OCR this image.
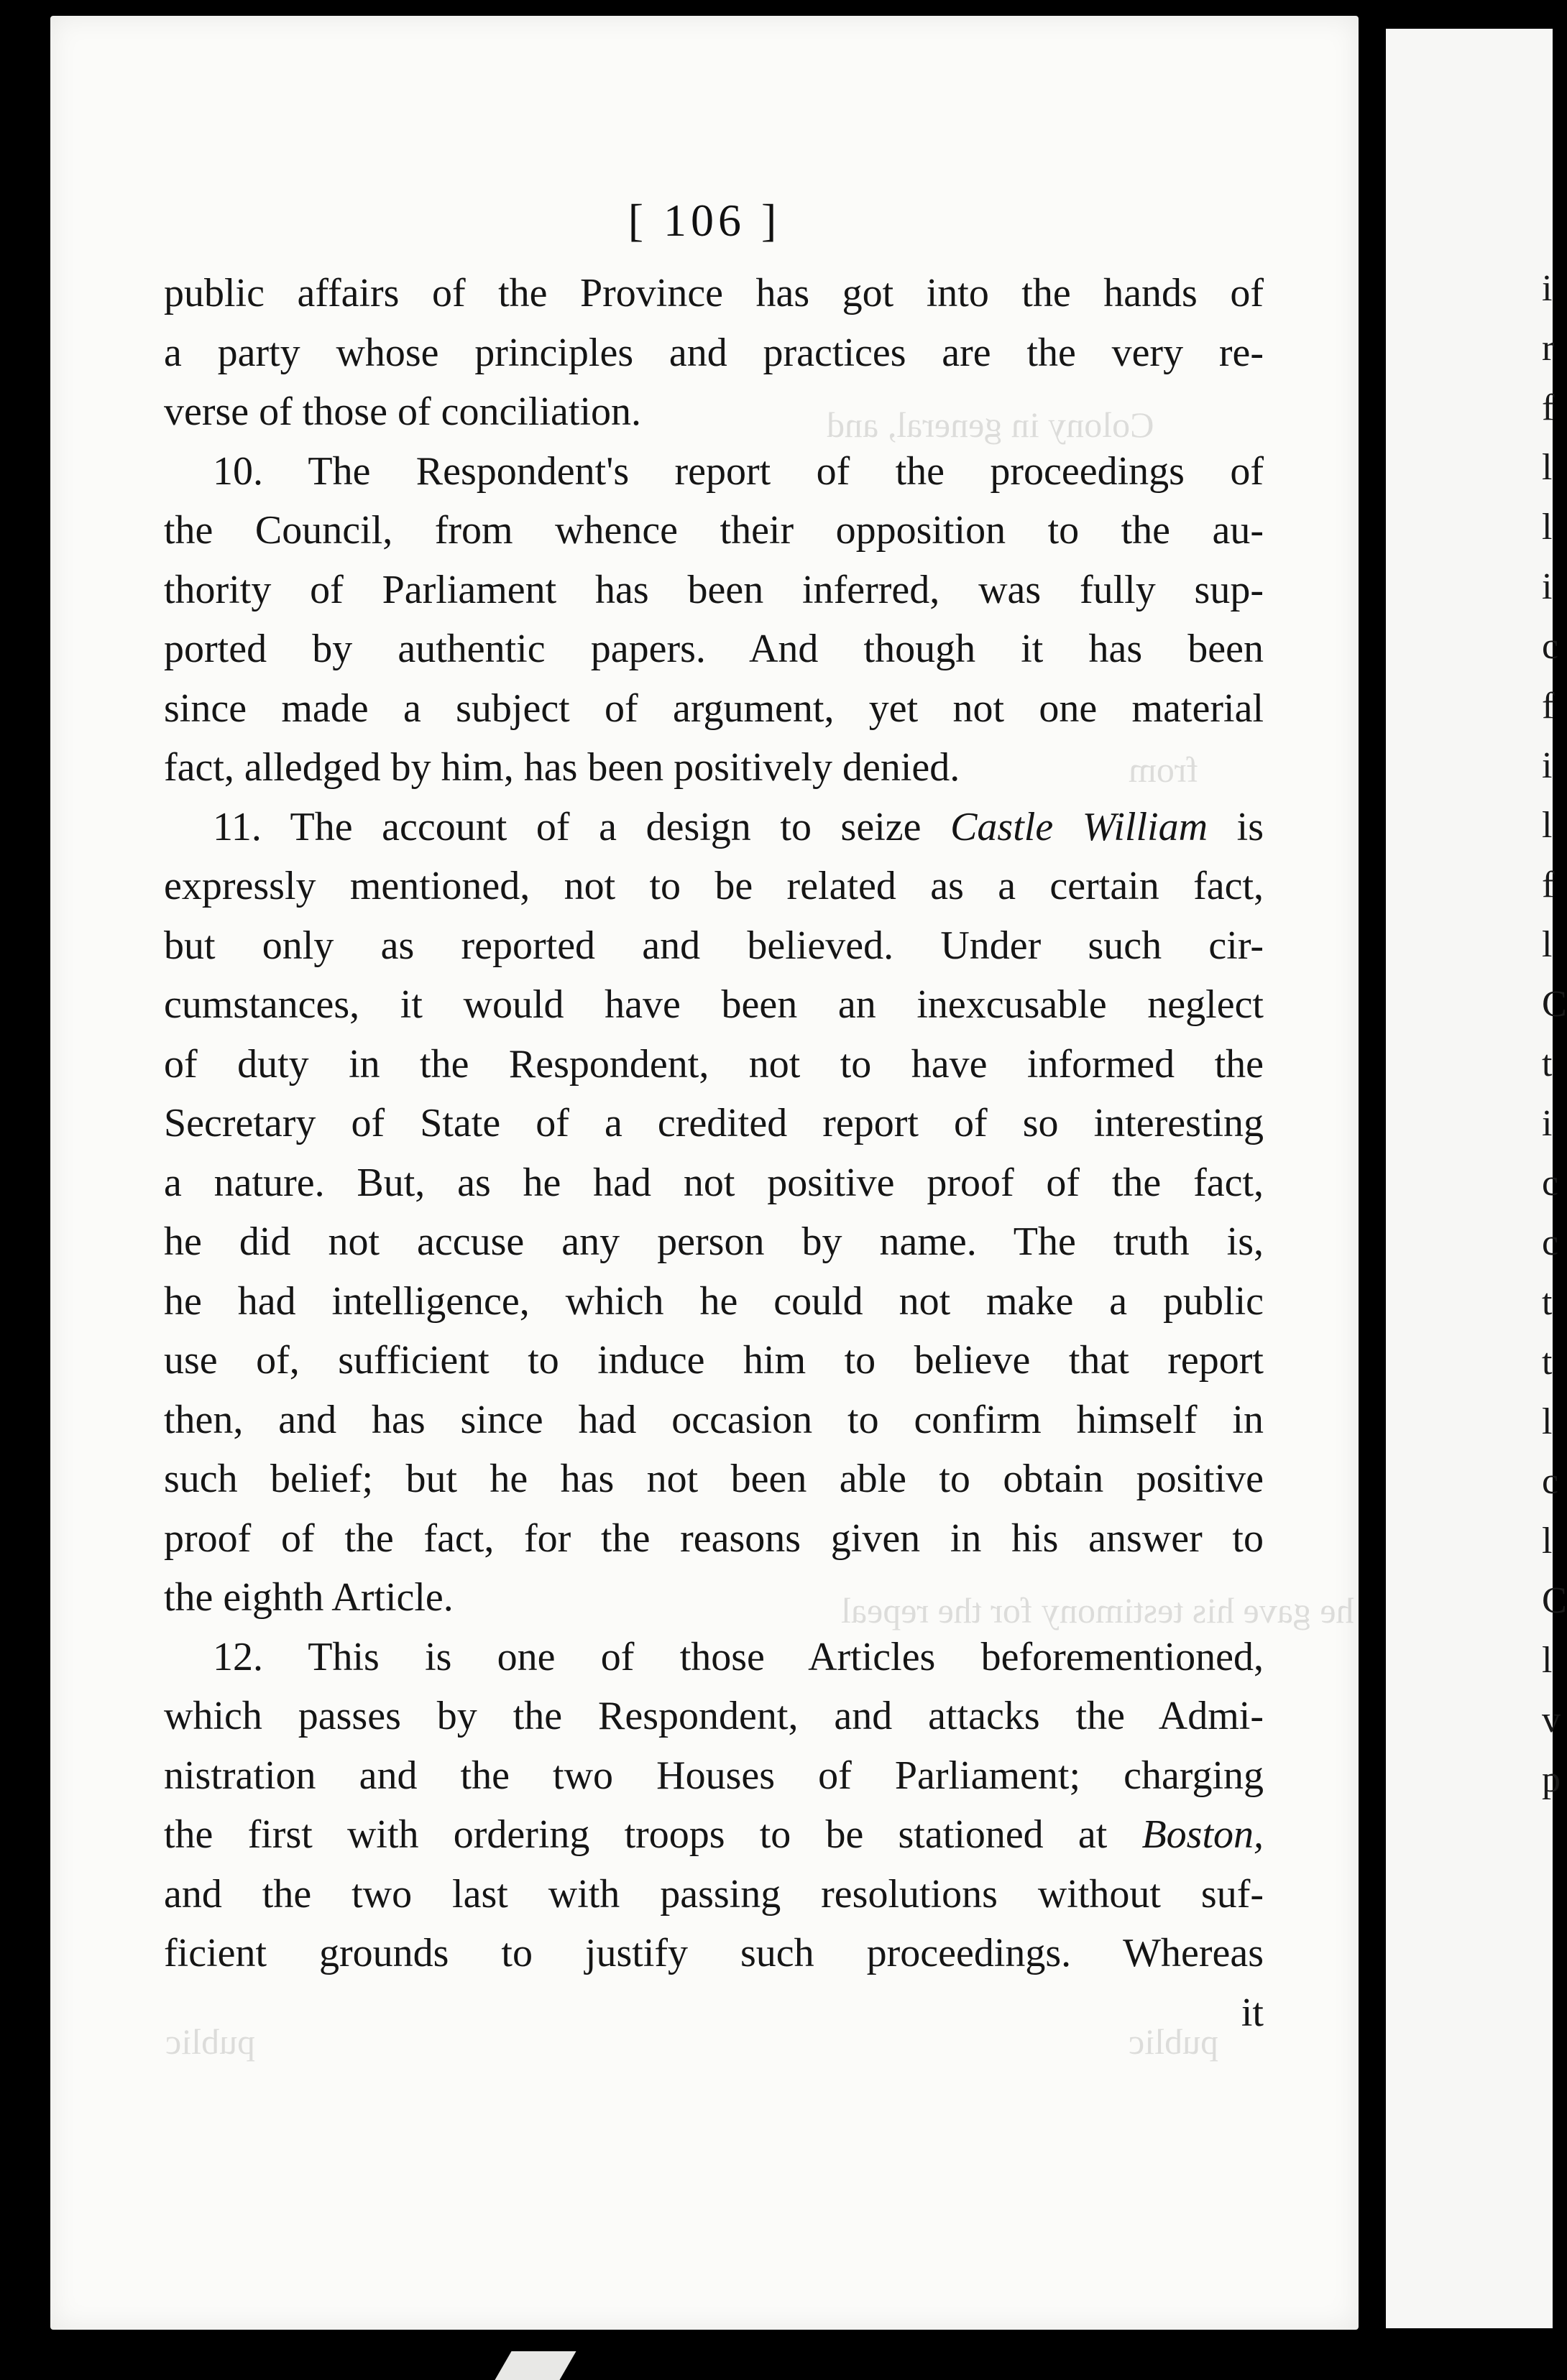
[ 106 ]
Colony in general, and
he gave his testimony for the repeal
from
public	public
public affairs of the Province has got into the hands of
a party whose principles and practices are the very re-
verse of those of conciliation.
10. The Respondent's report of the proceedings of
the Council, from whence their opposition to the au-
thority of Parliament has been inferred, was fully sup-
ported by authentic papers. And though it has been
since made a subject of argument, yet not one material
fact, alledged by him, has been positively denied.
11. The account of a design to seize Castle William is
expressly mentioned, not to be related as a certain fact,
but only as reported and believed. Under such cir-
cumstances, it would have been an inexcusable neglect
of duty in the Respondent, not to have informed the
Secretary of State of a credited report of so interesting
a nature. But, as he had not positive proof of the fact,
he did not accuse any person by name. The truth is,
he had intelligence, which he could not make a public
use of, sufficient to induce him to believe that report
then, and has since had occasion to confirm himself in
such belief; but he has not been able to obtain positive
proof of the fact, for the reasons given in his answer to
the eighth Article.
12. This is one of those Articles beforementioned,
which passes by the Respondent, and attacks the Admi-
nistration and the two Houses of Parliament; charging
the first with ordering troops to be stationed at Boston,
and the two last with passing resolutions without suf-
ficient grounds to justify such proceedings. Whereas
it
i
r
f
l
l
i
c
f
i
l
f
l
C
t
i
c
c
t
t
l
c
l
C
l
v
p
